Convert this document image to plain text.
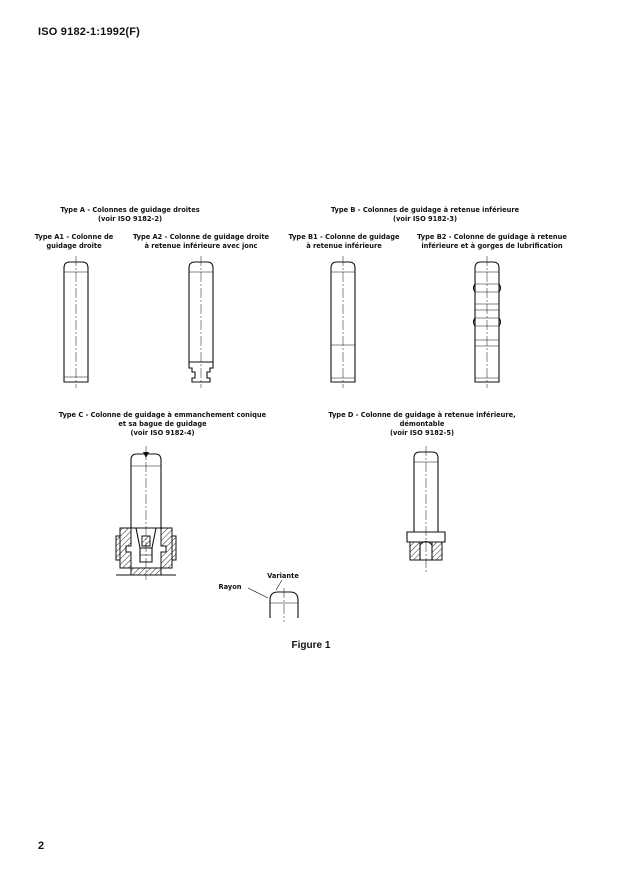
ISO 9182-1:1992(F)
Type A - Colonnes de guidage droites
(voir ISO 9182-2)
Type A1 - Colonne de
guidage droite
Type A2 - Colonne de guidage droite
à retenue inférieure avec jonc
Type B - Colonnes de guidage à retenue inférieure
(voir ISO 9182-3)
Type B1 - Colonne de guidage
à retenue inférieure
Type B2 - Colonne de guidage à retenue
inférieure et à gorges de lubrification
Type C - Colonne de guidage à emmanchement conique
et sa bague de guidage
(voir ISO 9182-4)
Type D - Colonne de guidage à retenue inférieure,
démontable
(voir ISO 9182-5)
Variante
Rayon
Figure 1
2
